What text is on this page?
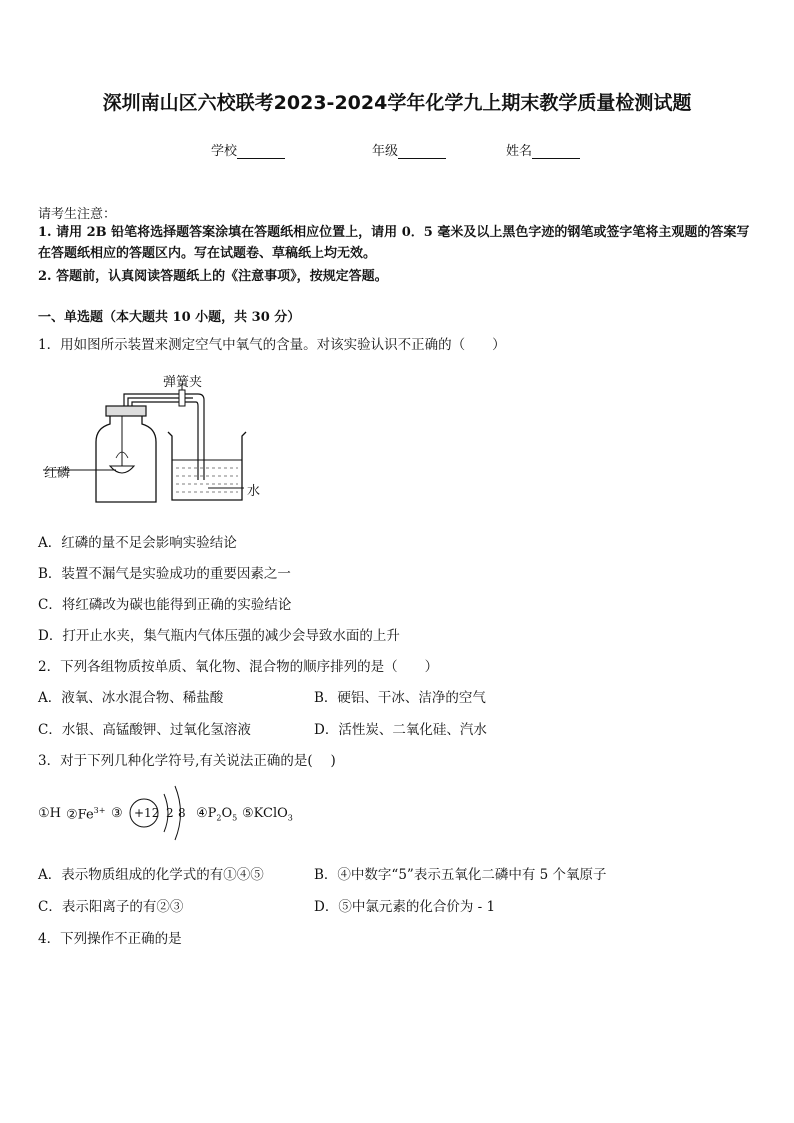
深圳南山区六校联考2023-2024学年化学九上期末教学质量检测试题
学校	年级	姓名
请考生注意：
1. 请用 2B 铅笔将选择题答案涂填在答题纸相应位置上，请用 0．5 毫米及以上黑色字迹的钢笔或签字笔将主观题的答案写在答题纸相应的答题区内。写在试题卷、草稿纸上均无效。
2. 答题前，认真阅读答题纸上的《注意事项》，按规定答题。
一、单选题（本大题共 10 小题，共 30 分）
1．用如图所示装置来测定空气中氧气的含量。对该实验认识不正确的（　　）
弹簧夹
红磷
水
A．红磷的量不足会影响实验结论
B．装置不漏气是实验成功的重要因素之一
C．将红磷改为碳也能得到正确的实验结论
D．打开止水夹，集气瓶内气体压强的减少会导致水面的上升
2．下列各组物质按单质、氧化物、混合物的顺序排列的是（　　）
A．液氧、冰水混合物、稀盐酸	B．硬铝、干冰、洁净的空气
C．水银、高锰酸钾、过氧化氢溶液	D．活性炭、二氧化硅、汽水
3．对于下列几种化学符号,有关说法正确的是(　 )
①H $②Fe^{3+}$ ③ +12 2 8 $④P_2O_5$ ⑤KClO$_3$
A．表示物质组成的化学式的有①④⑤	B．④中数字“5”表示五氧化二磷中有 5 个氧原子
C．表示阳离子的有②③	D．⑤中氯元素的化合价为 - 1
4．下列操作不正确的是
